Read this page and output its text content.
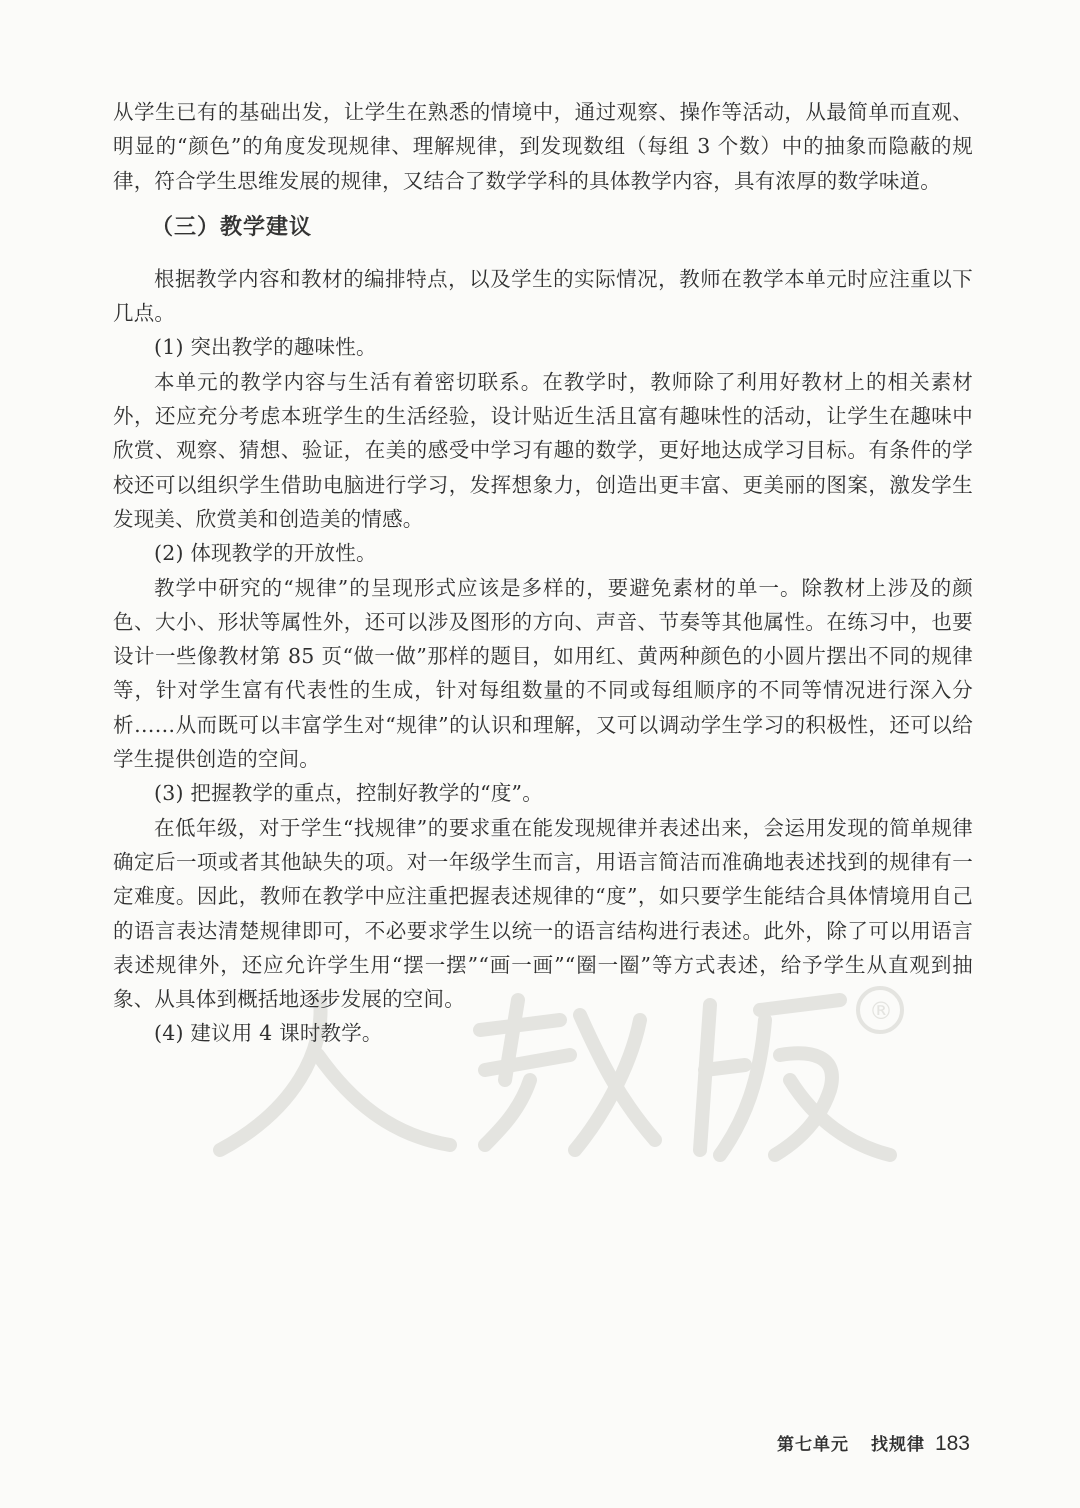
®

从学生已有的基础出发，让学生在熟悉的情境中，通过观察、操作等活动，从最简单而直观、明显的“颜色”的角度发现规律、理解规律，到发现数组（每组 3 个数）中的抽象而隐蔽的规律，符合学生思维发展的规律，又结合了数学学科的具体教学内容，具有浓厚的数学味道。

（三）教学建议

根据教学内容和教材的编排特点，以及学生的实际情况，教师在教学本单元时应注重以下几点。

(1) 突出教学的趣味性。

本单元的教学内容与生活有着密切联系。在教学时，教师除了利用好教材上的相关素材外，还应充分考虑本班学生的生活经验，设计贴近生活且富有趣味性的活动，让学生在趣味中欣赏、观察、猜想、验证，在美的感受中学习有趣的数学，更好地达成学习目标。有条件的学校还可以组织学生借助电脑进行学习，发挥想象力，创造出更丰富、更美丽的图案，激发学生发现美、欣赏美和创造美的情感。

(2) 体现教学的开放性。

教学中研究的“规律”的呈现形式应该是多样的，要避免素材的单一。除教材上涉及的颜色、大小、形状等属性外，还可以涉及图形的方向、声音、节奏等其他属性。在练习中，也要设计一些像教材第 85 页“做一做”那样的题目，如用红、黄两种颜色的小圆片摆出不同的规律等，针对学生富有代表性的生成，针对每组数量的不同或每组顺序的不同等情况进行深入分析……从而既可以丰富学生对“规律”的认识和理解，又可以调动学生学习的积极性，还可以给学生提供创造的空间。

(3) 把握教学的重点，控制好教学的“度”。

在低年级，对于学生“找规律”的要求重在能发现规律并表述出来，会运用发现的简单规律确定后一项或者其他缺失的项。对一年级学生而言，用语言简洁而准确地表述找到的规律有一定难度。因此，教师在教学中应注重把握表述规律的“度”，如只要学生能结合具体情境用自己的语言表达清楚规律即可，不必要求学生以统一的语言结构进行表述。此外，除了可以用语言表述规律外，还应允许学生用“摆一摆”“画一画”“圈一圈”等方式表述，给予学生从直观到抽象、从具体到概括地逐步发展的空间。

(4) 建议用 4 课时教学。

第七单元 找规律 183
